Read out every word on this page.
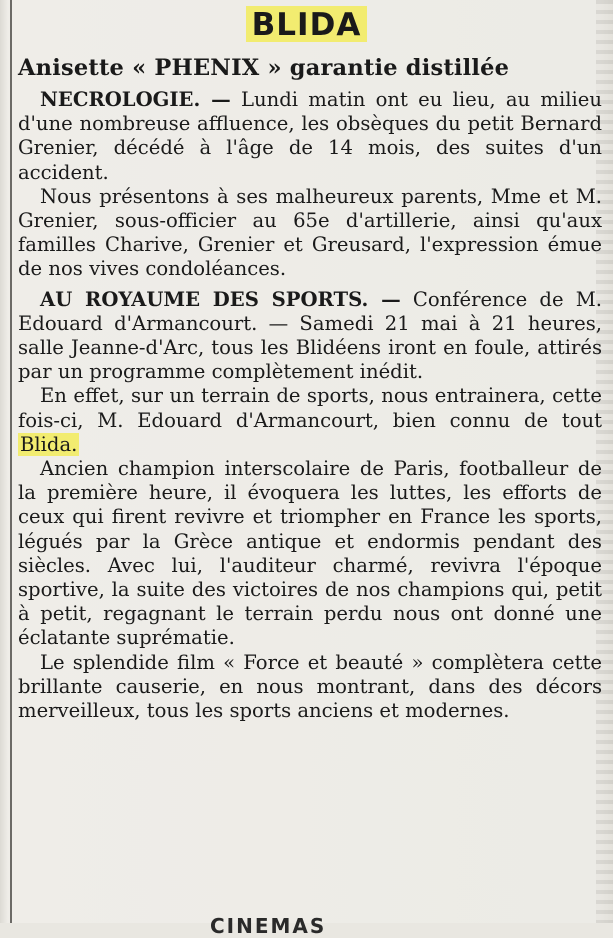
BLIDA
Anisette « PHENIX » garantie distillée

NECROLOGIE. — Lundi matin ont eu lieu, au milieu d'une nombreuse affluence, les obsèques du petit Bernard Grenier, décédé à l'âge de 14 mois, des suites d'un accident.

Nous présentons à ses malheureux parents, Mme et M. Grenier, sous-officier au 65e d'artillerie, ainsi qu'aux familles Charive, Grenier et Greusard, l'expression émue de nos vives condoléances.

AU ROYAUME DES SPORTS. — Conférence de M. Edouard d'Armancourt. — Samedi 21 mai à 21 heures, salle Jeanne-d'Arc, tous les Blidéens iront en foule, attirés par un programme complètement inédit.

En effet, sur un terrain de sports, nous entrainera, cette fois-ci, M. Edouard d'Armancourt, bien connu de tout Blida.

Ancien champion interscolaire de Paris, footballeur de la première heure, il évoquera les luttes, les efforts de ceux qui firent revivre et triompher en France les sports, légués par la Grèce antique et endormis pendant des siècles. Avec lui, l'auditeur charmé, revivra l'époque sportive, la suite des victoires de nos champions qui, petit à petit, regagnant le terrain perdu nous ont donné une éclatante suprématie.

Le splendide film « Force et beauté » complètera cette brillante causerie, en nous montrant, dans des décors merveilleux, tous les sports anciens et modernes.

CINEMAS
